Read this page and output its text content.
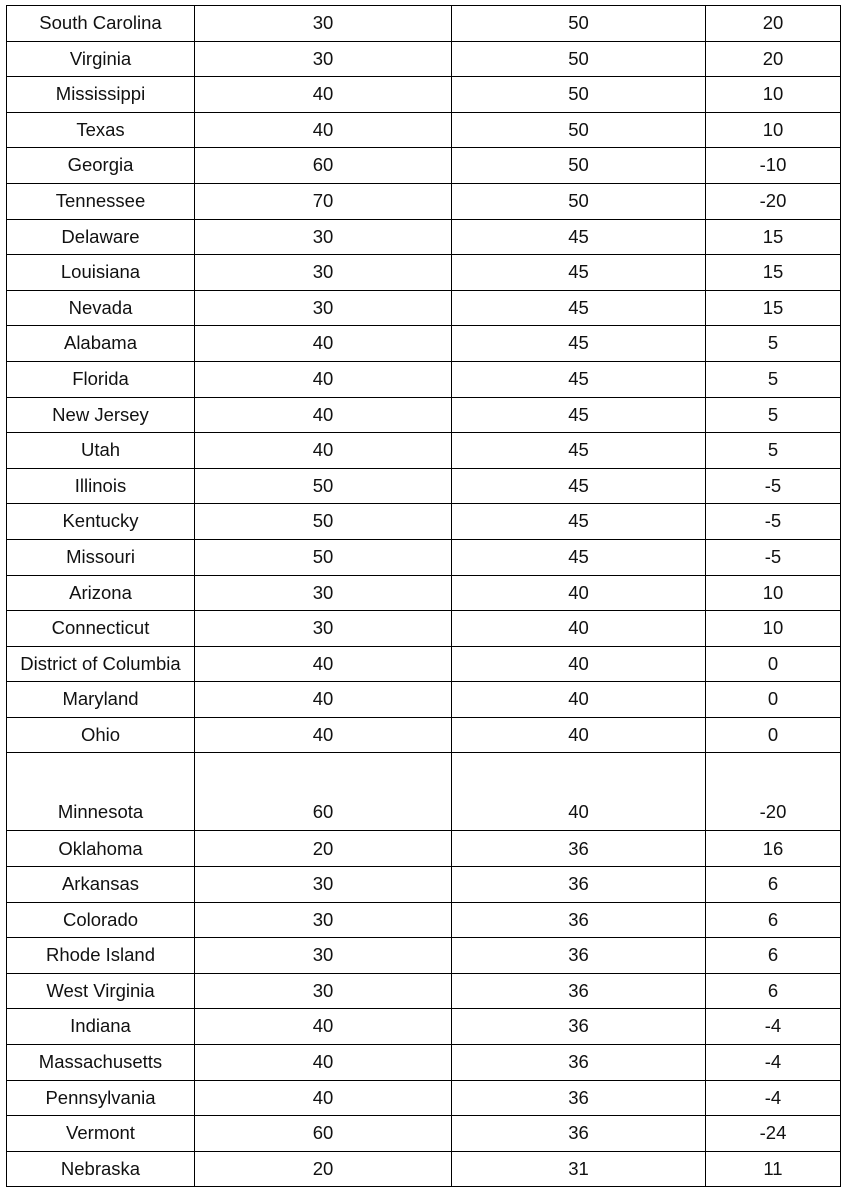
South Carolina	30	50	20
Virginia	30	50	20
Mississippi	40	50	10
Texas	40	50	10
Georgia	60	50	-10
Tennessee	70	50	-20
Delaware	30	45	15
Louisiana	30	45	15
Nevada	30	45	15
Alabama	40	45	5
Florida	40	45	5
New Jersey	40	45	5
Utah	40	45	5
Illinois	50	45	-5
Kentucky	50	45	-5
Missouri	50	45	-5
Arizona	30	40	10
Connecticut	30	40	10
District of Columbia	40	40	0
Maryland	40	40	0
Ohio	40	40	0
Minnesota	60	40	-20
Oklahoma	20	36	16
Arkansas	30	36	6
Colorado	30	36	6
Rhode Island	30	36	6
West Virginia	30	36	6
Indiana	40	36	-4
Massachusetts	40	36	-4
Pennsylvania	40	36	-4
Vermont	60	36	-24
Nebraska	20	31	11
